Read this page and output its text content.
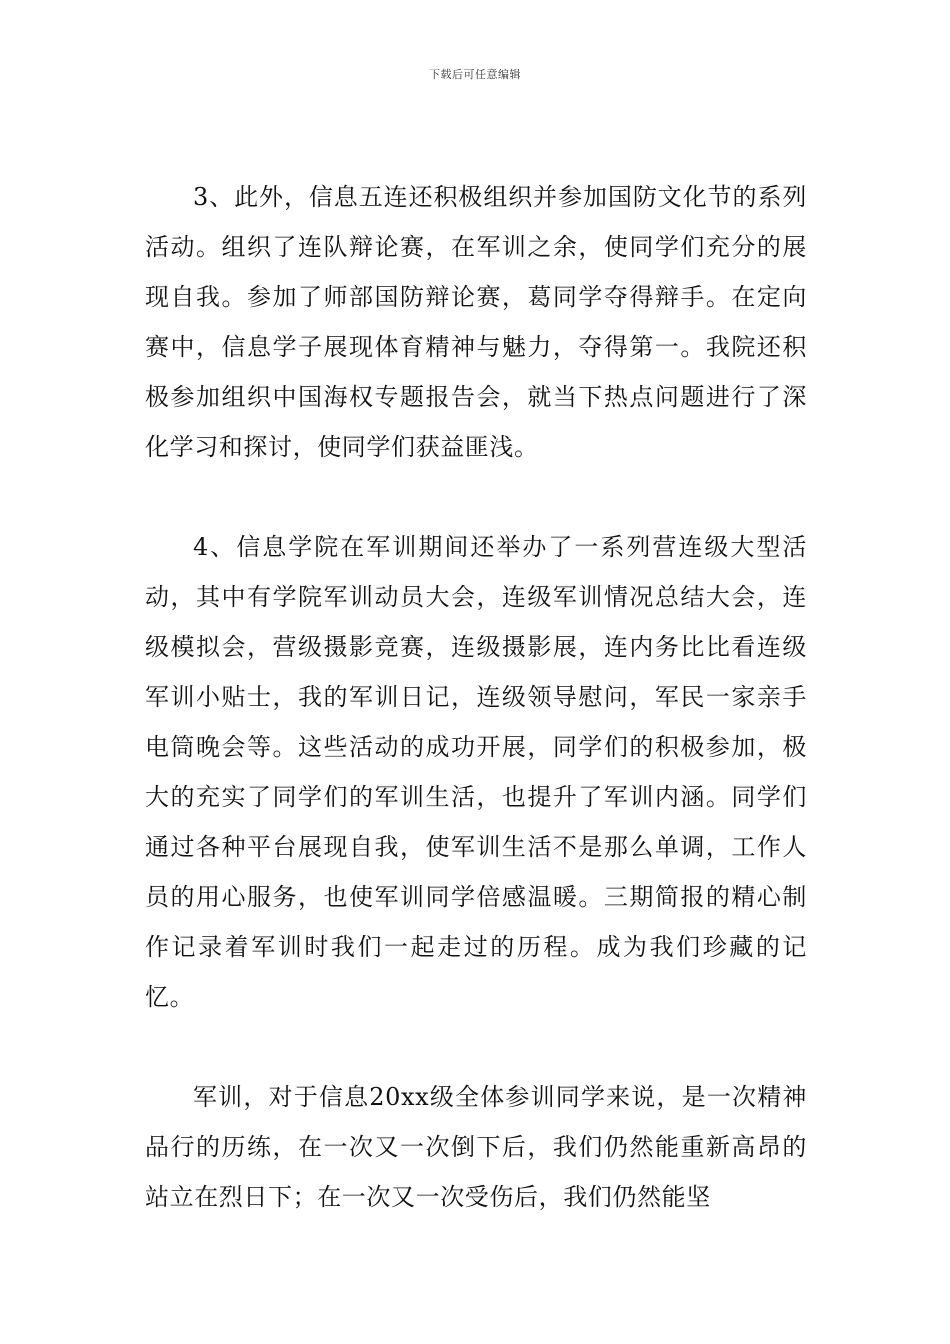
下载后可任意编辑

3、此外，信息五连还积极组织并参加国防文化节的系列活动。组织了连队辩论赛，在军训之余，使同学们充分的展现自我。参加了师部国防辩论赛，葛同学夺得辩手。在定向赛中，信息学子展现体育精神与魅力，夺得第一。我院还积极参加组织中国海权专题报告会，就当下热点问题进行了深化学习和探讨，使同学们获益匪浅。

4、信息学院在军训期间还举办了一系列营连级大型活动，其中有学院军训动员大会，连级军训情况总结大会，连级模拟会，营级摄影竞赛，连级摄影展，连内务比比看连级军训小贴士，我的军训日记，连级领导慰问，军民一家亲手电筒晚会等。这些活动的成功开展，同学们的积极参加，极大的充实了同学们的军训生活，也提升了军训内涵。同学们通过各种平台展现自我，使军训生活不是那么单调，工作人员的用心服务，也使军训同学倍感温暖。三期简报的精心制作记录着军训时我们一起走过的历程。成为我们珍藏的记忆。

军训，对于信息20xx级全体参训同学来说，是一次精神品行的历练，在一次又一次倒下后，我们仍然能重新高昂的站立在烈日下；在一次又一次受伤后，我们仍然能坚
